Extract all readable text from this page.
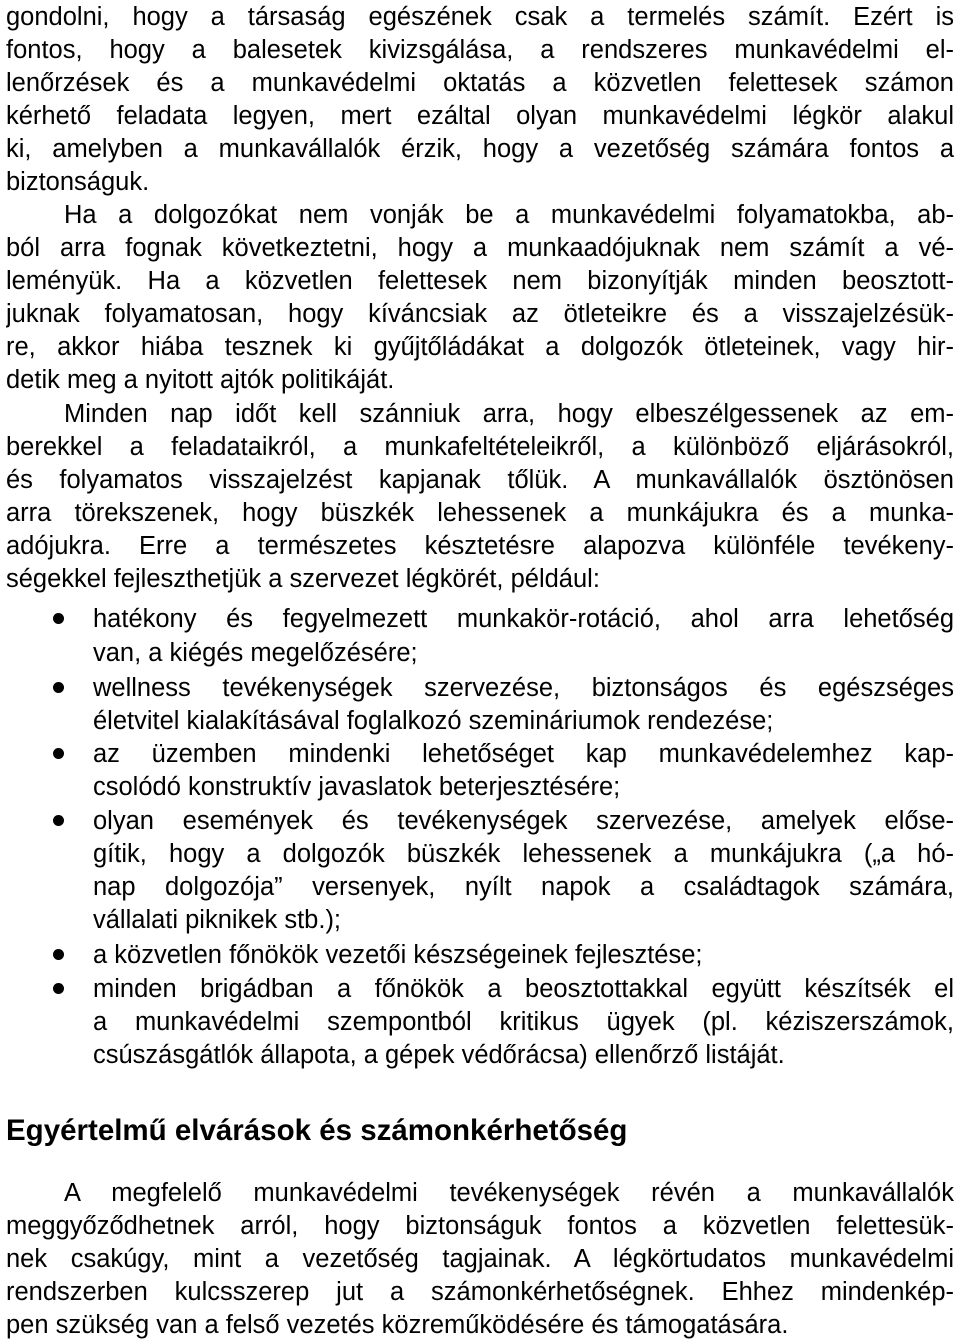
gondolni, hogy a társaság egészének csak a termelés számít. Ezért is
fontos, hogy a balesetek kivizsgálása, a rendszeres munkavédelmi el-
lenőrzések és a munkavédelmi oktatás a közvetlen felettesek számon
kérhető feladata legyen, mert ezáltal olyan munkavédelmi légkör alakul
ki, amelyben a munkavállalók érzik, hogy a vezetőség számára fontos a
biztonságuk.
Ha a dolgozókat nem vonják be a munkavédelmi folyamatokba, ab-
ból arra fognak következtetni, hogy a munkaadójuknak nem számít a vé-
leményük. Ha a közvetlen felettesek nem bizonyítják minden beosztott-
juknak folyamatosan, hogy kíváncsiak az ötleteikre és a visszajelzésük-
re, akkor hiába tesznek ki gyűjtőládákat a dolgozók ötleteinek, vagy hir-
detik meg a nyitott ajtók politikáját.
Minden nap időt kell szánniuk arra, hogy elbeszélgessenek az em-
berekkel a feladataikról, a munkafeltételeikről, a különböző eljárásokról,
és folyamatos visszajelzést kapjanak tőlük. A munkavállalók ösztönösen
arra törekszenek, hogy büszkék lehessenek a munkájukra és a munka-
adójukra. Erre a természetes késztetésre alapozva különféle tevékeny-
ségekkel fejleszthetjük a szervezet légkörét, például:
hatékony és fegyelmezett munkakör-rotáció, ahol arra lehetőség
van, a kiégés megelőzésére;
wellness tevékenységek szervezése, biztonságos és egészséges
életvitel kialakításával foglalkozó szemináriumok rendezése;
az üzemben mindenki lehetőséget kap munkavédelemhez kap-
csolódó konstruktív javaslatok beterjesztésére;
olyan események és tevékenységek szervezése, amelyek elősе-
gítik, hogy a dolgozók büszkék lehessenek a munkájukra („a hó-
nap dolgozója” versenyek, nyílt napok a családtagok számára,
vállalati piknikek stb.);
a közvetlen főnökök vezetői készségeinek fejlesztése;
minden brigádban a főnökök a beosztottakkal együtt készítsék el
a munkavédelmi szempontból kritikus ügyek (pl. kéziszerszámok,
csúszásgátlók állapota, a gépek védőrácsa) ellenőrző listáját.
Egyértelmű elvárások és számonkérhetőség
A megfelelő munkavédelmi tevékenységek révén a munkavállalók
meggyőződhetnek arról, hogy biztonságuk fontos a közvetlen felettesük-
nek csakúgy, mint a vezetőség tagjainak. A légkörtudatos munkavédelmi
rendszerben kulcsszerep jut a számonkérhetőségnek. Ehhez mindenkép-
pen szükség van a felső vezetés közreműködésére és támogatására.
